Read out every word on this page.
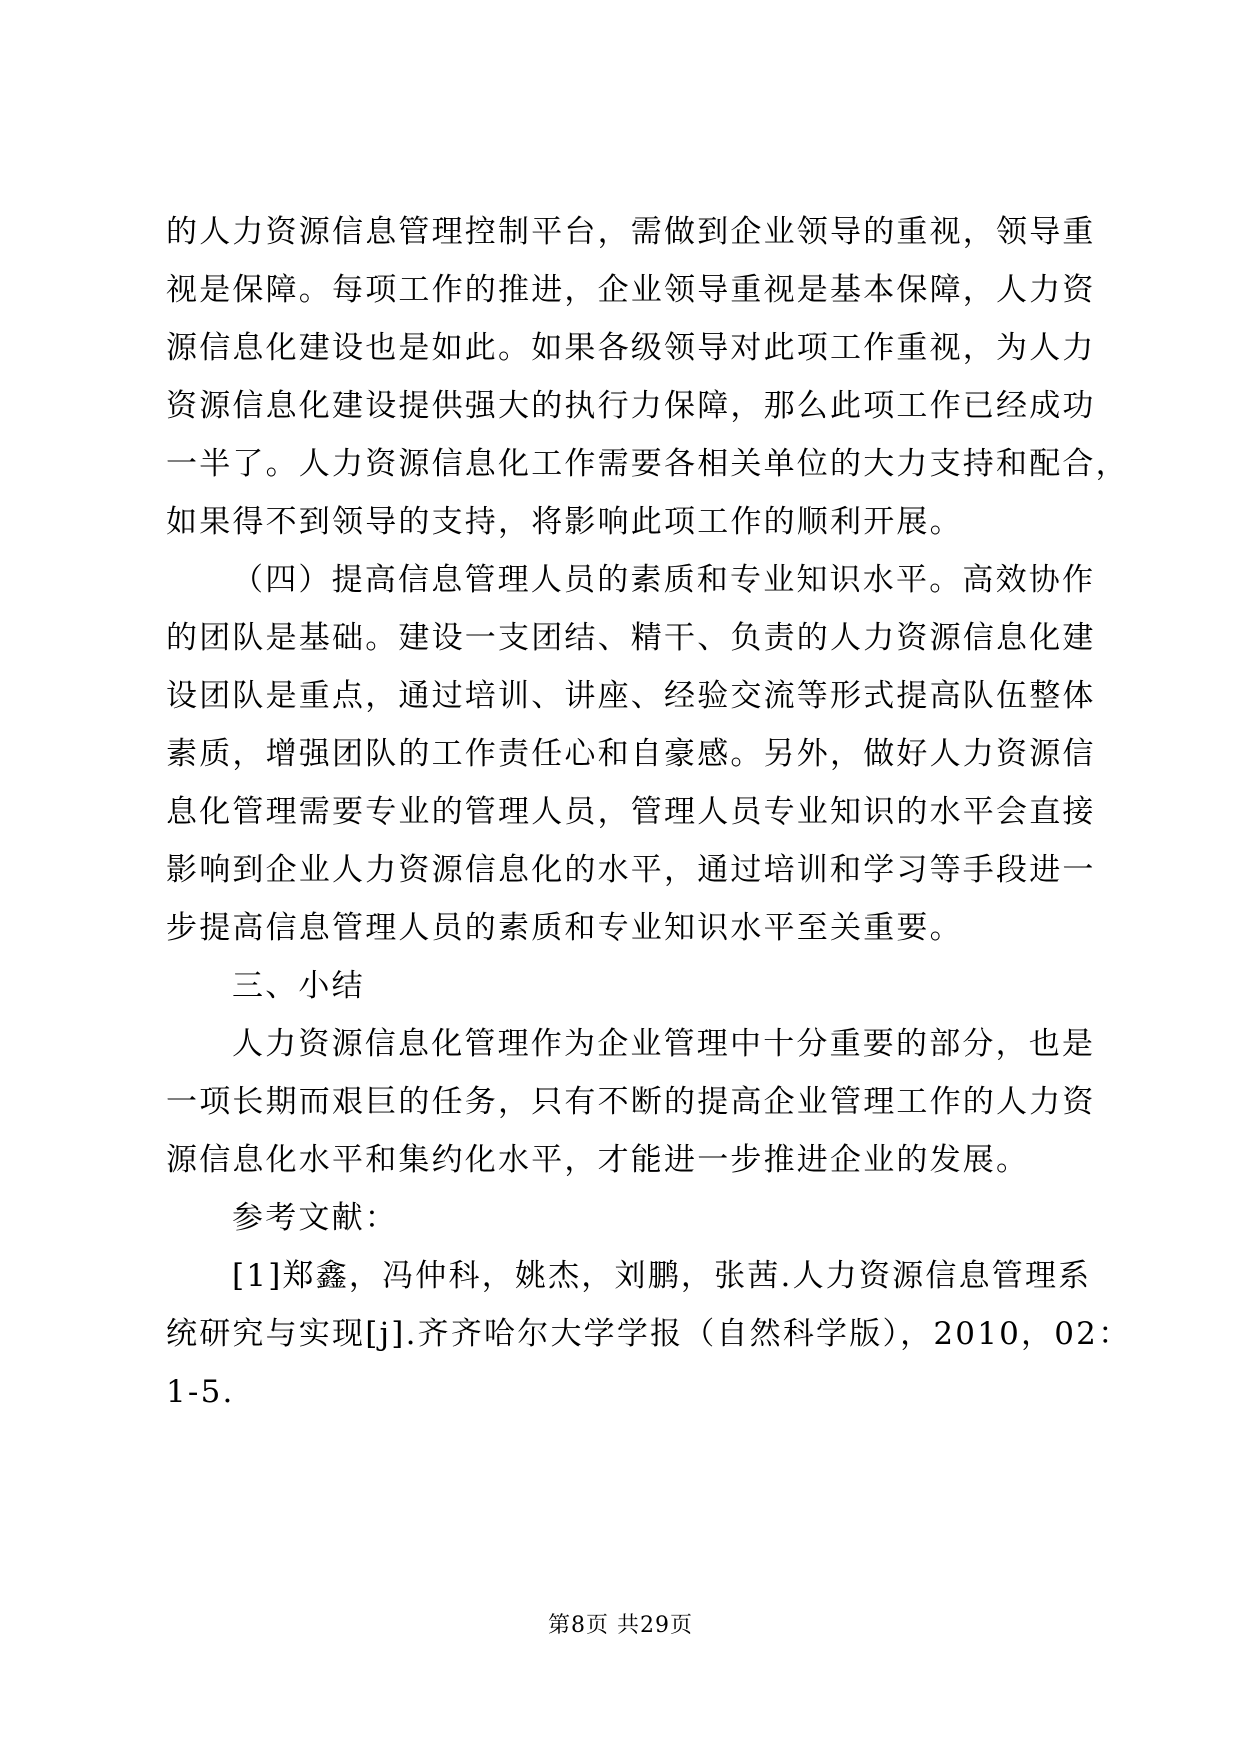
的人力资源信息管理控制平台，需做到企业领导的重视，领导重
视是保障。每项工作的推进，企业领导重视是基本保障，人力资
源信息化建设也是如此。如果各级领导对此项工作重视，为人力
资源信息化建设提供强大的执行力保障，那么此项工作已经成功
一半了。人力资源信息化工作需要各相关单位的大力支持和配合，
如果得不到领导的支持，将影响此项工作的顺利开展。
（四）提高信息管理人员的素质和专业知识水平。高效协作
的团队是基础。建设一支团结、精干、负责的人力资源信息化建
设团队是重点，通过培训、讲座、经验交流等形式提高队伍整体
素质，增强团队的工作责任心和自豪感。另外，做好人力资源信
息化管理需要专业的管理人员，管理人员专业知识的水平会直接
影响到企业人力资源信息化的水平，通过培训和学习等手段进一
步提高信息管理人员的素质和专业知识水平至关重要。
三、小结
人力资源信息化管理作为企业管理中十分重要的部分，也是
一项长期而艰巨的任务，只有不断的提高企业管理工作的人力资
源信息化水平和集约化水平，才能进一步推进企业的发展。
参考文献：
[1]郑鑫，冯仲科，姚杰，刘鹏，张茜.人力资源信息管理系
统研究与实现[j].齐齐哈尔大学学报（自然科学版），2010，02：
1-5.
第8页 共29页
